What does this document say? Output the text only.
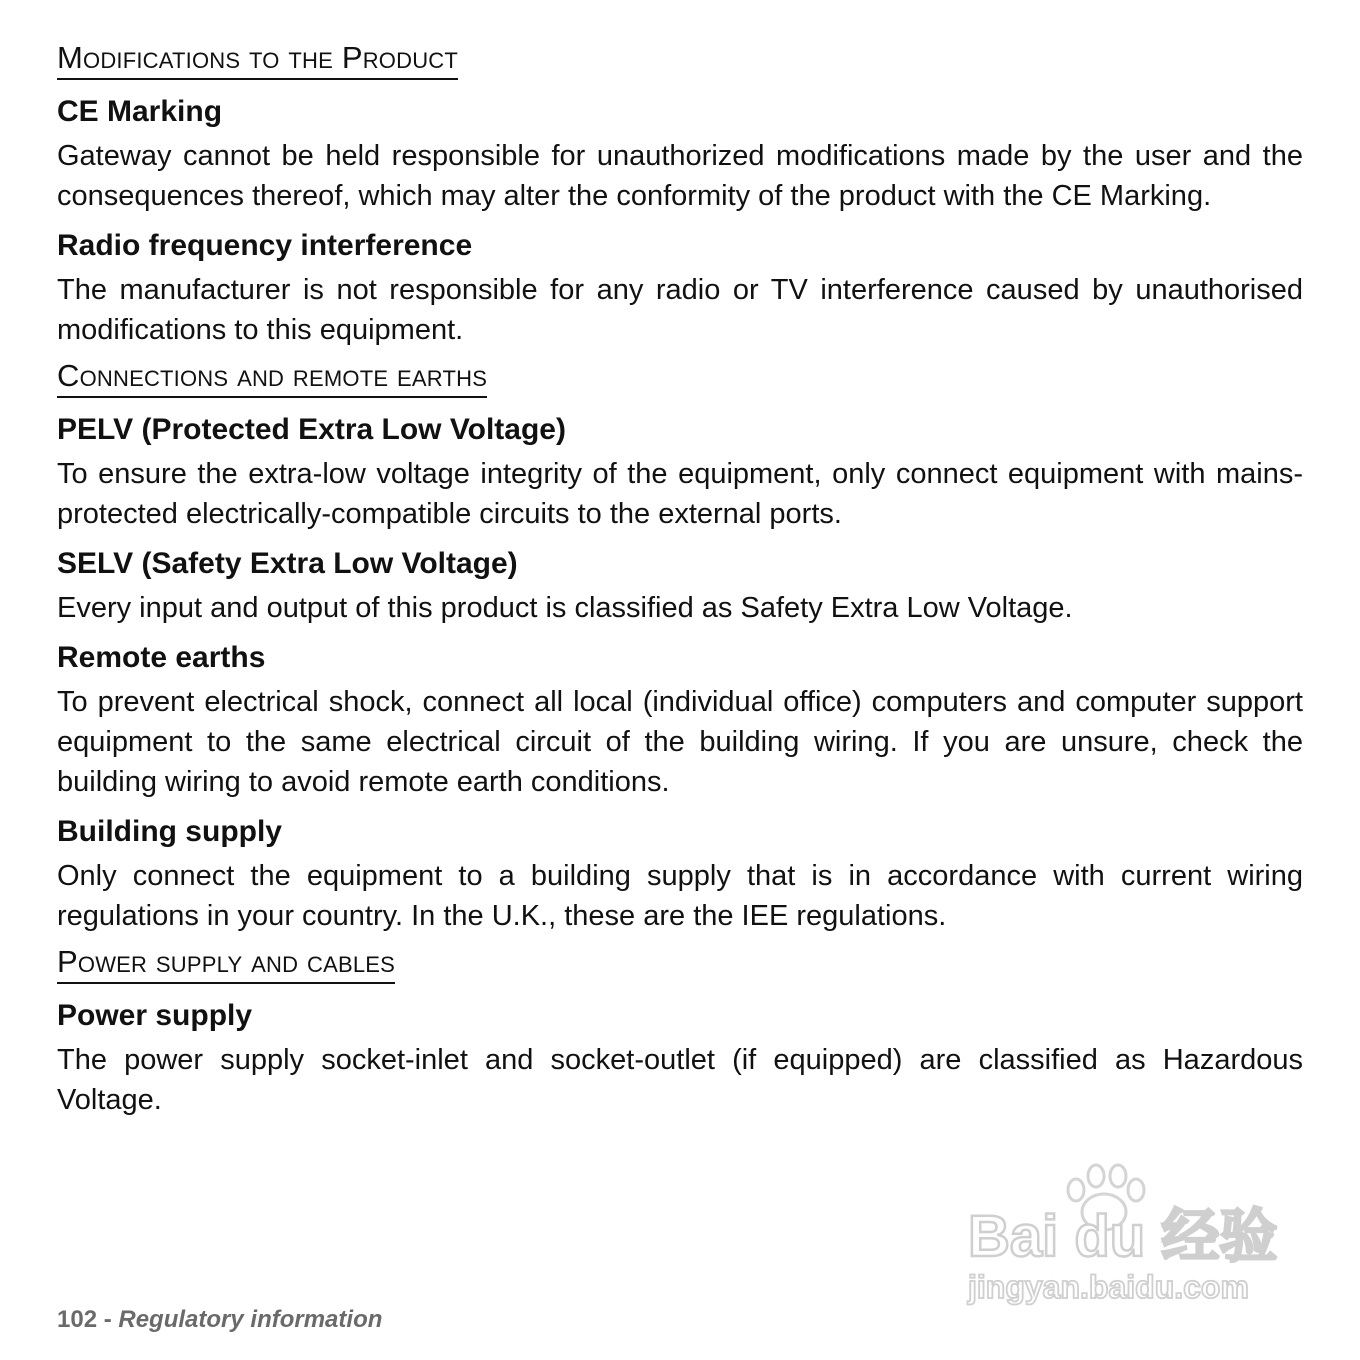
Modifications to the Product
CE Marking
Gateway cannot be held responsible for unauthorized modifications made by the user and the consequences thereof, which may alter the conformity of the product with the CE Marking.
Radio frequency interference
The manufacturer is not responsible for any radio or TV interference caused by unauthorised modifications to this equipment.
Connections and remote earths
PELV (Protected Extra Low Voltage)
To ensure the extra-low voltage integrity of the equipment, only connect equipment with mains-protected electrically-compatible circuits to the external ports.
SELV (Safety Extra Low Voltage)
Every input and output of this product is classified as Safety Extra Low Voltage.
Remote earths
To prevent electrical shock, connect all local (individual office) computers and computer support equipment to the same electrical circuit of the building wiring. If you are unsure, check the building wiring to avoid remote earth conditions.
Building supply
Only connect the equipment to a building supply that is in accordance with current wiring regulations in your country. In the U.K., these are the IEE regulations.
Power supply and cables
Power supply
The power supply socket-inlet and socket-outlet (if equipped) are classified as Hazardous Voltage.
102 - Regulatory information
Bai du 经验
jingyan.baidu.com
